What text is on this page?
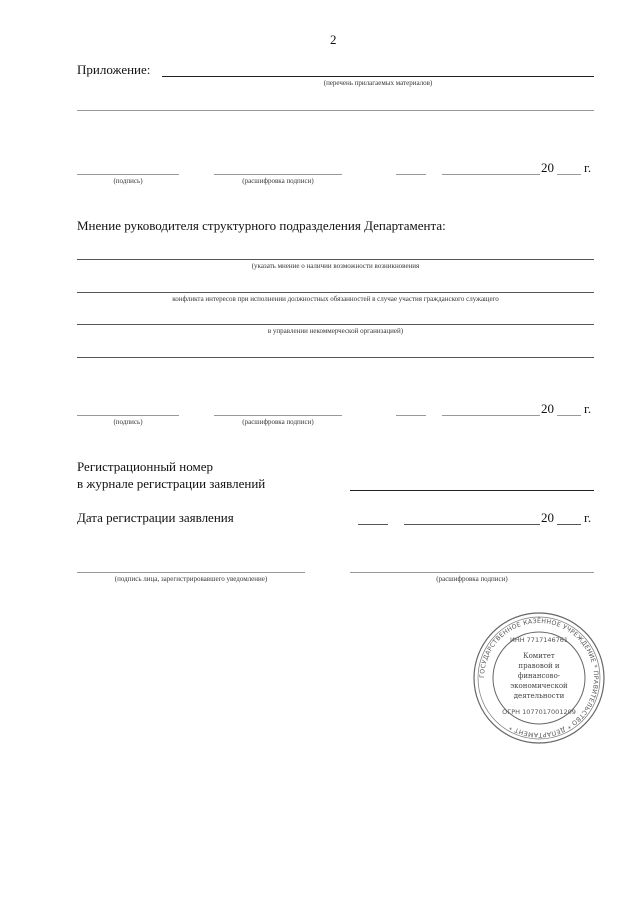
2
Приложение:
(перечень прилагаемых материалов)
(подпись)	(расшифровка подписи)
20 г.
Мнение руководителя структурного подразделения Департамента:
(указать мнение о наличии возможности возникновения
конфликта интересов при исполнении должностных обязанностей в случае участия гражданского служащего
в управлении некоммерческой организацией)
(подпись)	(расшифровка подписи)
20 г.
Регистрационный номер
в журнале регистрации заявлений
Дата регистрации заявления	20 г.
(подпись лица, зарегистрировавшего уведомление)	(расшифровка подписи)
ГОСУДАРСТВЕННОЕ КАЗЁННОЕ УЧРЕЖДЕНИЕ * ПРАВИТЕЛЬСТВО * ДЕПАРТАМЕНТ *
ИНН 7717146761
Комитет
правовой и
финансово-
экономической
деятельности
ОГРН 1077017001209
